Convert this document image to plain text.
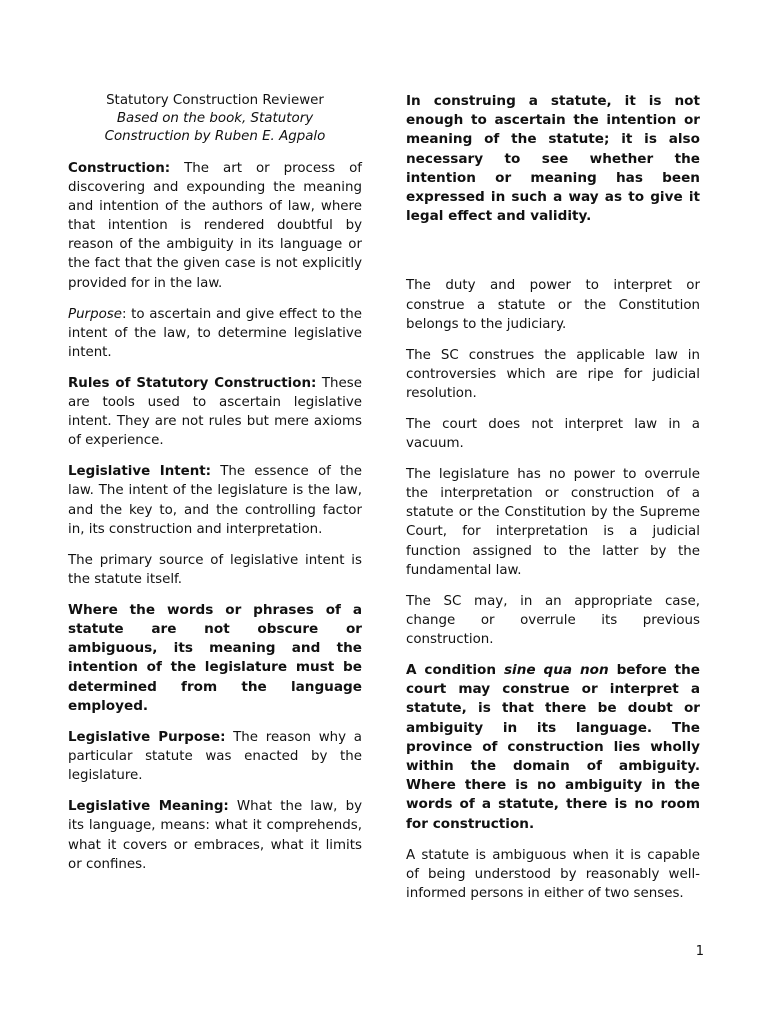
Statutory Construction Reviewer
Based on the book, Statutory
Construction by Ruben E. Agpalo

Construction: The art or process of discovering and expounding the meaning and intention of the authors of law, where that intention is rendered doubtful by reason of the ambiguity in its language or the fact that the given case is not explicitly provided for in the law.

Purpose: to ascertain and give effect to the intent of the law, to determine legislative intent.

Rules of Statutory Construction: These are tools used to ascertain legislative intent. They are not rules but mere axioms of experience.

Legislative Intent: The essence of the law. The intent of the legislature is the law, and the key to, and the controlling factor in, its construction and interpretation.

The primary source of legislative intent is the statute itself.

Where the words or phrases of a statute are not obscure or ambiguous, its meaning and the intention of the legislature must be determined from the language employed.

Legislative Purpose: The reason why a particular statute was enacted by the legislature.

Legislative Meaning: What the law, by its language, means: what it comprehends, what it covers or embraces, what it limits or confines.

In construing a statute, it is not enough to ascertain the intention or meaning of the statute; it is also necessary to see whether the intention or meaning has been expressed in such a way as to give it legal effect and validity.

The duty and power to interpret or construe a statute or the Constitution belongs to the judiciary.

The SC construes the applicable law in controversies which are ripe for judicial resolution.

The court does not interpret law in a vacuum.

The legislature has no power to overrule the interpretation or construction of a statute or the Constitution by the Supreme Court, for interpretation is a judicial function assigned to the latter by the fundamental law.

The SC may, in an appropriate case, change or overrule its previous construction.

A condition sine qua non before the court may construe or interpret a statute, is that there be doubt or ambiguity in its language. The province of construction lies wholly within the domain of ambiguity. Where there is no ambiguity in the words of a statute, there is no room for construction.

A statute is ambiguous when it is capable of being understood by reasonably well-informed persons in either of two senses.

1
